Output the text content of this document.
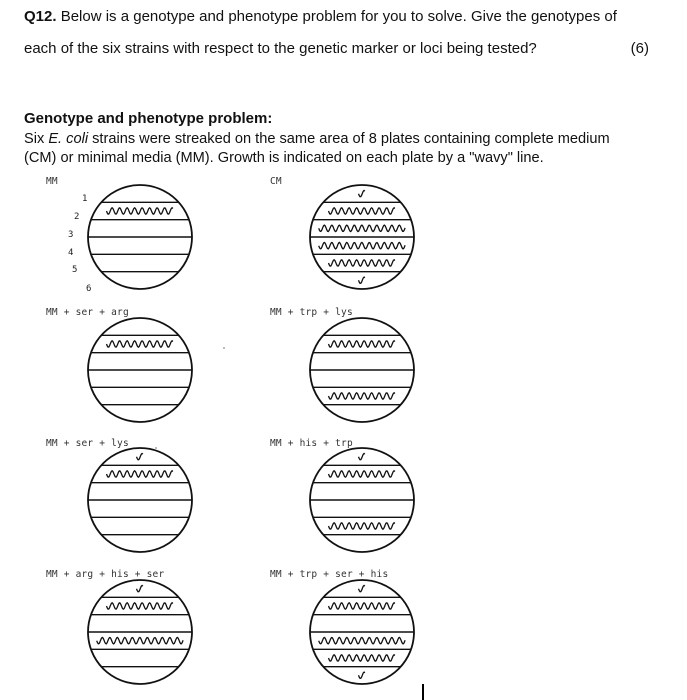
Q12. Below is a genotype and phenotype problem for you to solve. Give the genotypes of
each of the six strains with respect to the genetic marker or loci being tested?	(6)
Genotype and phenotype problem:
Six E. coli strains were streaked on the same area of 8 plates containing complete medium
(CM) or minimal media (MM). Growth is indicated on each plate by a "wavy" line.
MM	CM
MM + ser + arg	MM + trp + lys
MM + ser + lys	MM + his + trp
MM + arg + his + ser	MM + trp + ser + his
1
2
3
4
5
6
